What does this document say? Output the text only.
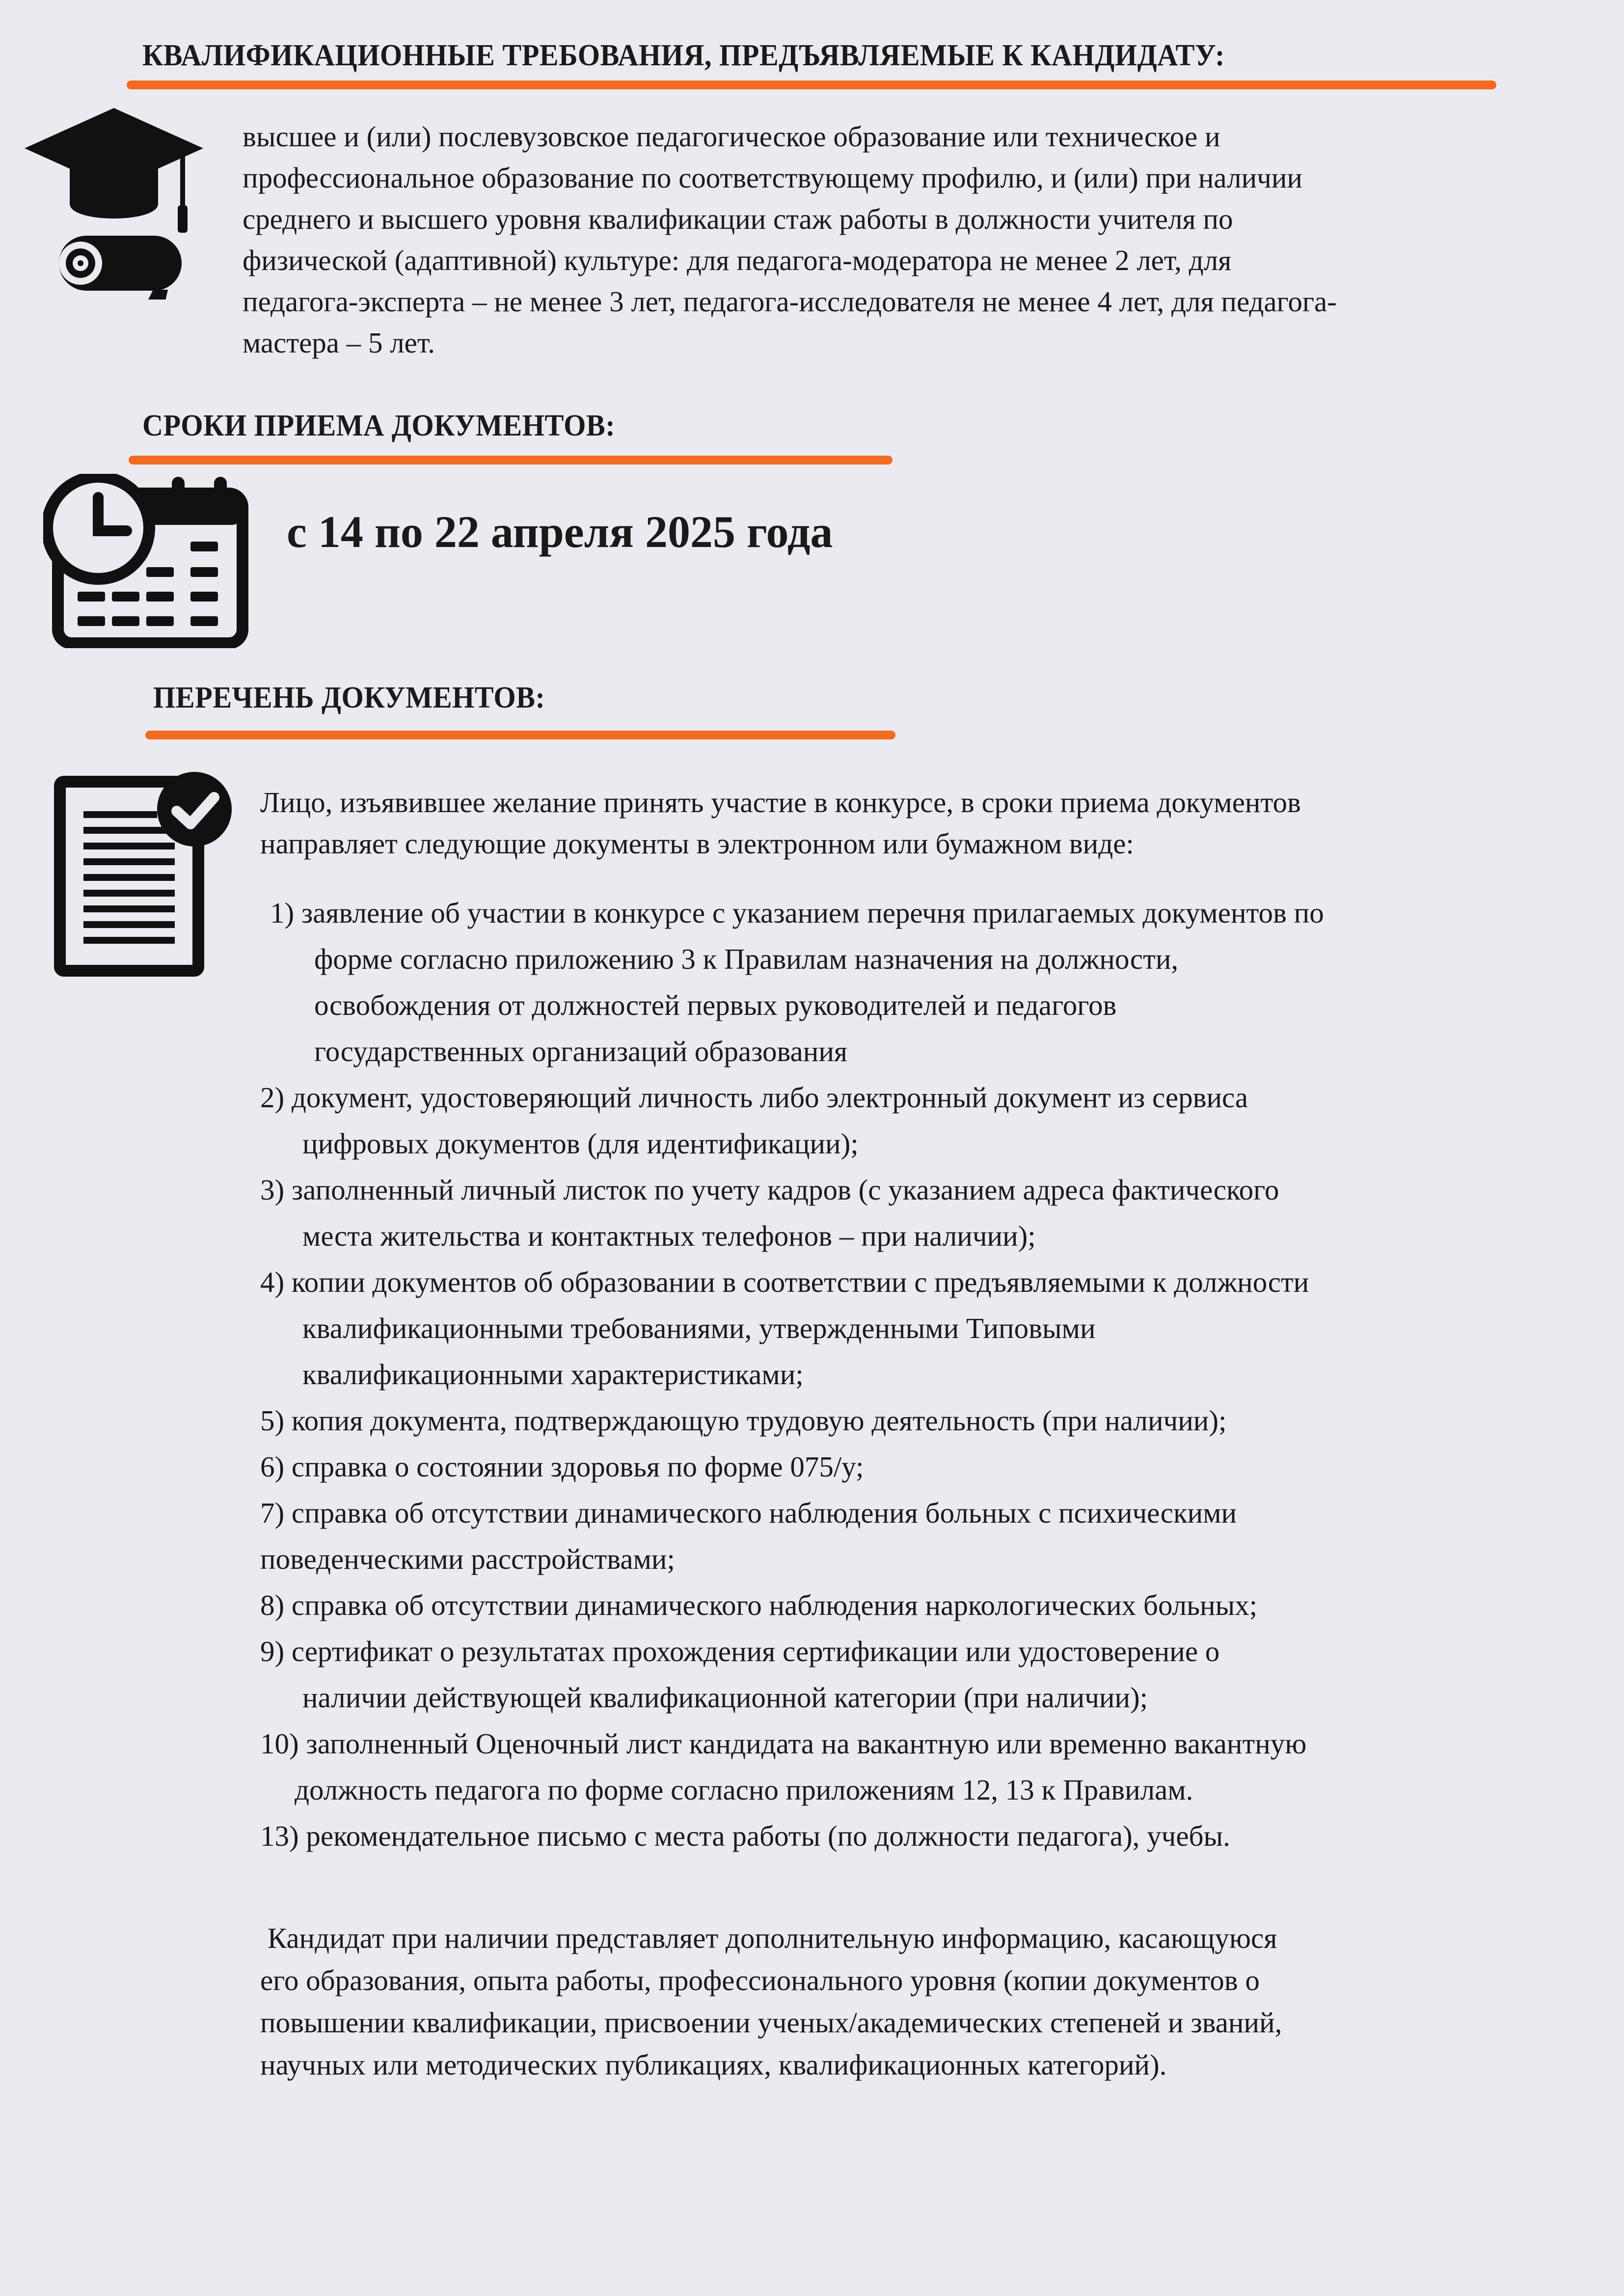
КВАЛИФИКАЦИОННЫЕ ТРЕБОВАНИЯ, ПРЕДЪЯВЛЯЕМЫЕ К КАНДИДАТУ:

высшее и (или) послевузовское педагогическое образование или техническое и

профессиональное образование по соответствующему профилю, и (или) при наличии

среднего и высшего уровня квалификации стаж работы в должности учителя по

физической (адаптивной) культуре: для педагога-модератора не менее 2 лет, для

педагога-эксперта – не менее 3 лет, педагога-исследователя не менее 4 лет, для педагога-

мастера – 5 лет.

СРОКИ ПРИЕМА ДОКУМЕНТОВ:
с 14 по 22 апреля 2025 года
ПЕРЕЧЕНЬ ДОКУМЕНТОВ:

Лицо, изъявившее желание принять участие в конкурсе, в сроки приема документов

направляет следующие документы в электронном или бумажном виде:

1) заявление об участии в конкурсе с указанием перечня прилагаемых документов по
форме согласно приложению 3 к Правилам назначения на должности,
освобождения от должностей первых руководителей и педагогов
государственных организаций образования
2) документ, удостоверяющий личность либо электронный документ из сервиса
цифровых документов (для идентификации);
3) заполненный личный листок по учету кадров (с указанием адреса фактического
места жительства и контактных телефонов – при наличии);
4) копии документов об образовании в соответствии с предъявляемыми к должности
квалификационными требованиями, утвержденными Типовыми
квалификационными характеристиками;
5) копия документа, подтверждающую трудовую деятельность (при наличии);
6) справка о состоянии здоровья по форме 075/у;
7) справка об отсутствии динамического наблюдения больных с психическими
поведенческими расстройствами;
8) справка об отсутствии динамического наблюдения наркологических больных;
9) сертификат о результатах прохождения сертификации или удостоверение о
наличии действующей квалификационной категории (при наличии);
10) заполненный Оценочный лист кандидата на вакантную или временно вакантную
должность педагога по форме согласно приложениям 12, 13 к Правилам.
13) рекомендательное письмо с места работы (по должности педагога), учебы.

Кандидат при наличии представляет дополнительную информацию, касающуюся

его образования, опыта работы, профессионального уровня (копии документов о

повышении квалификации, присвоении ученых/академических степеней и званий,

научных или методических публикациях, квалификационных категорий).
